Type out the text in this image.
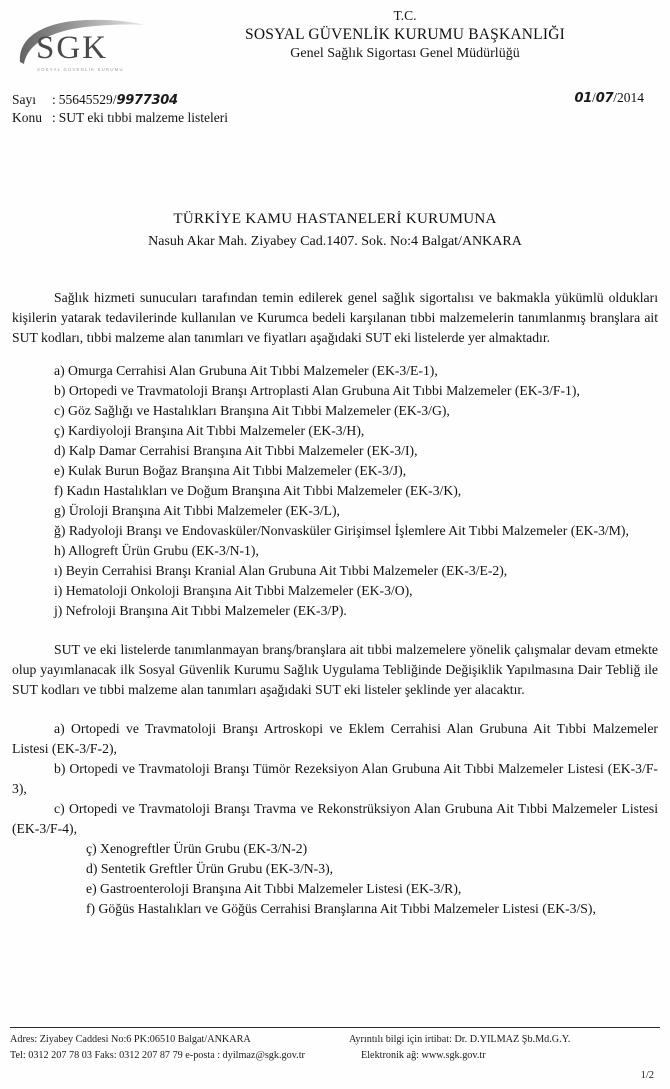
SGK
SOSYAL GÜVENLİK KURUMU
T.C.
SOSYAL GÜVENLİK KURUMU BAŞKANLIĞI
Genel Sağlık Sigortası Genel Müdürlüğü
Sayı : 55645529/9977304
Konu : SUT eki tıbbi malzeme listeleri
01/07/2014
TÜRKİYE KAMU HASTANELERİ KURUMUNA
Nasuh Akar Mah. Ziyabey Cad.1407. Sok. No:4 Balgat/ANKARA

Sağlık hizmeti sunucuları tarafından temin edilerek genel sağlık sigortalısı ve bakmakla yükümlü oldukları kişilerin yatarak tedavilerinde kullanılan ve Kurumca bedeli karşılanan tıbbi malzemelerin tanımlanmış branşlara ait SUT kodları, tıbbi malzeme alan tanımları ve fiyatları aşağıdaki SUT eki listelerde yer almaktadır.

a) Omurga Cerrahisi Alan Grubuna Ait Tıbbi Malzemeler (EK-3/E-1),

b) Ortopedi ve Travmatoloji Branşı Artroplasti Alan Grubuna Ait Tıbbi Malzemeler (EK-3/F-1),

c) Göz Sağlığı ve Hastalıkları Branşına Ait Tıbbi Malzemeler (EK-3/G),

ç) Kardiyoloji Branşına Ait Tıbbi Malzemeler (EK-3/H),

d) Kalp Damar Cerrahisi Branşına Ait Tıbbi Malzemeler (EK-3/I),

e) Kulak Burun Boğaz Branşına Ait Tıbbi Malzemeler (EK-3/J),

f) Kadın Hastalıkları ve Doğum Branşına Ait Tıbbi Malzemeler (EK-3/K),

g) Üroloji Branşına Ait Tıbbi Malzemeler (EK-3/L),

ğ) Radyoloji Branşı ve Endovasküler/Nonvasküler Girişimsel İşlemlere Ait Tıbbi Malzemeler (EK-3/M),

h) Allogreft Ürün Grubu (EK-3/N-1),

ı) Beyin Cerrahisi Branşı Kranial Alan Grubuna Ait Tıbbi Malzemeler (EK-3/E-2),

i) Hematoloji Onkoloji Branşına Ait Tıbbi Malzemeler (EK-3/O),

j) Nefroloji Branşına Ait Tıbbi Malzemeler (EK-3/P).

SUT ve eki listelerde tanımlanmayan branş/branşlara ait tıbbi malzemelere yönelik çalışmalar devam etmekte olup yayımlanacak ilk Sosyal Güvenlik Kurumu Sağlık Uygulama Tebliğinde Değişiklik Yapılmasına Dair Tebliğ ile SUT kodları ve tıbbi malzeme alan tanımları aşağıdaki SUT eki listeler şeklinde yer alacaktır.

a) Ortopedi ve Travmatoloji Branşı Artroskopi ve Eklem Cerrahisi Alan Grubuna Ait Tıbbi Malzemeler Listesi (EK-3/F-2),

b) Ortopedi ve Travmatoloji Branşı Tümör Rezeksiyon Alan Grubuna Ait Tıbbi Malzemeler Listesi (EK-3/F-3),

c) Ortopedi ve Travmatoloji Branşı Travma ve Rekonstrüksiyon Alan Grubuna Ait Tıbbi Malzemeler Listesi (EK-3/F-4),

ç) Xenogreftler Ürün Grubu (EK-3/N-2)

d) Sentetik Greftler Ürün Grubu (EK-3/N-3),

e) Gastroenteroloji Branşına Ait Tıbbi Malzemeler Listesi (EK-3/R),

f) Göğüs Hastalıkları ve Göğüs Cerrahisi Branşlarına Ait Tıbbi Malzemeler Listesi (EK-3/S),

Adres: Ziyabey Caddesi No:6 PK:06510 Balgat/ANKARA
Tel: 0312 207 78 03 Faks: 0312 207 87 79 e-posta : dyilmaz@sgk.gov.tr
Ayrıntılı bilgi için irtibat: Dr. D.YILMAZ Şb.Md.G.Y.
Elektronik ağ: www.sgk.gov.tr
1/2
